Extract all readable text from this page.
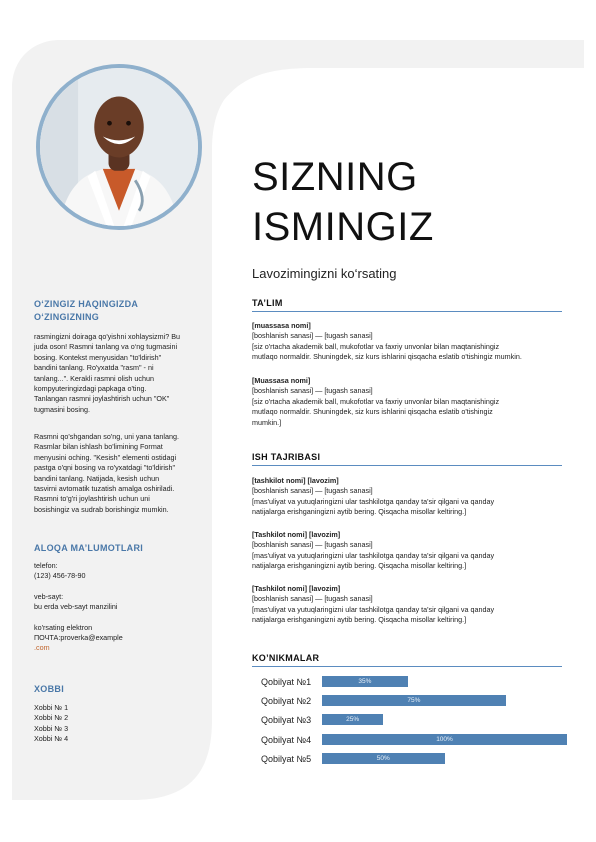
O‘ZINGIZ HAQINGIZDA

O‘ZINGIZNING

rasmingizni doiraga qo'yishni xohlaysizmi? Bu

juda oson! Rasmni tanlang va o‘ng tugmasini

bosing. Kontekst menyusidan "to'ldirish"

bandini tanlang. Ro'yxatda "rasm" - ni

tanlang...". Kerakli rasmni olish uchun

kompyuteringizdagi papkaga o'ting.

Tanlangan rasmni joylashtirish uchun "OK"

tugmasini bosing.

Rasmni qo'shgandan so'ng, uni yana tanlang.

Rasmlar bilan ishlash bo'limining Format

menyusini oching. "Kesish" elementi ostidagi

pastga o'qni bosing va ro'yxatdagi "to'ldirish"

bandini tanlang. Natijada, kesish uchun

tasvirni avtomatik tuzatish amalga oshiriladi.

Rasmni to'g'ri joylashtirish uchun uni

bosishingiz va sudrab borishingiz mumkin.

ALOQA MA’LUMOTLARI

telefon:

(123) 456-78-90

veb-sayt:

bu erda veb-sayt manzilini

ko'rsating elektron

ПОЧТА:proverka@example

.com

XOBBI

Xobbi № 1

Xobbi № 2

Xobbi № 3

Xobbi № 4

SIZNING
ISMINGIZ

Lavozimingizni ko‘rsating

TA’LIM

[muassasa nomi]
[boshlanish sanasi] — [tugash sanasi]
[siz o'rtacha akademik ball, mukofotlar va faxriy unvonlar bilan maqtanishingiz
mutlaqo normaldir. Shuningdek, siz kurs ishlarini qisqacha eslatib o'tishingiz mumkin.
[Muassasa nomi]
[boshlanish sanasi] — [tugash sanasi]
[siz o'rtacha akademik ball, mukofotlar va faxriy unvonlar bilan maqtanishingiz
mutlaqo normaldir. Shuningdek, siz kurs ishlarini qisqacha eslatib o'tishingiz
mumkin.]

ISH TAJRIBASI

[tashkilot nomi] [lavozim]
[boshlanish sanasi] — [tugash sanasi]
[mas'uliyat va yutuqlaringizni ular tashkilotga qanday ta'sir qilgani va qanday
natijalarga erishganingizni aytib bering. Qisqacha misollar keltiring.]
[Tashkilot nomi] [lavozim]
[boshlanish sanasi] — [tugash sanasi]
[mas'uliyat va yutuqlaringizni ular tashkilotga qanday ta'sir qilgani va qanday
natijalarga erishganingizni aytib bering. Qisqacha misollar keltiring.]
[Tashkilot nomi] [lavozim]
[boshlanish sanasi] — [tugash sanasi]
[mas'uliyat va yutuqlaringizni ular tashkilotga qanday ta'sir qilgani va qanday
natijalarga erishganingizni aytib bering. Qisqacha misollar keltiring.]

KO’NIKMALAR

Qobilyat №1	35%
Qobilyat №2	75%
Qobilyat №3	25%
Qobilyat №4	100%
Qobilyat №5	50%
